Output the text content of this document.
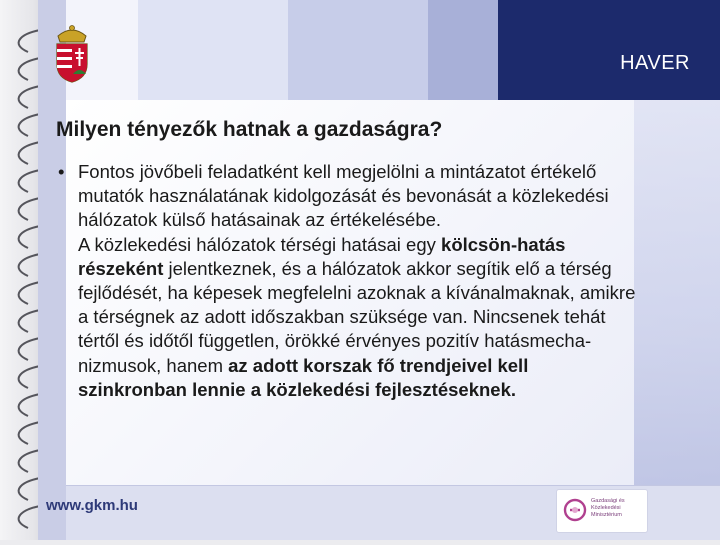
HAVER
Milyen tényezők hatnak a gazdaságra?
• Fontos jövőbeli feladatként kell megjelölni a mintázatot értékelő mutatók használatának kidolgozását és bevonását a közlekedési hálózatok külső hatásainak az értékelésébe.

A közlekedési hálózatok térségi hatásai egy kölcsön-hatás részeként jelentkeznek, és a hálózatok akkor segítik elő a térség fejlődését, ha képesek megfelelni azoknak a kívánalmaknak, amikre a térségnek az adott időszakban szüksége van. Nincsenek tehát tértől és időtől független, örökké érvényes pozitív hatásmecha-nizmusok, hanem az adott korszak fő trendjeivel kell szinkronban lennie a közlekedési fejlesztéseknek.

www.gkm.hu	Gazdasági és Közlekedési Minisztérium
